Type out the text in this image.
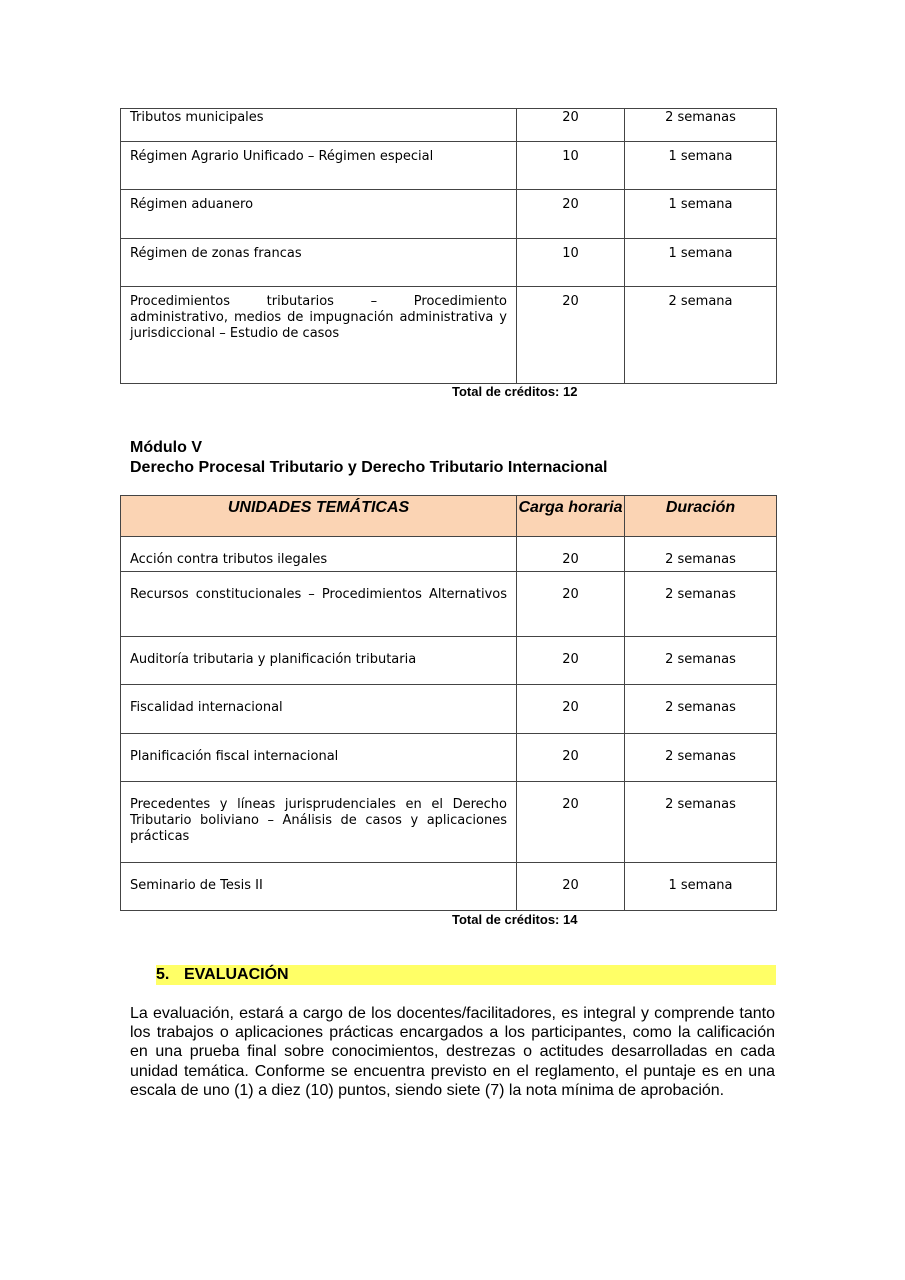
Tributos municipales	20	2 semanas
Régimen Agrario Unificado – Régimen especial	10	1 semana
Régimen aduanero	20	1 semana
Régimen de zonas francas	10	1 semana
Procedimientos tributarios – Procedimiento administrativo, medios de impugnación administrativa y jurisdiccional – Estudio de casos	20	2 semana
Total de créditos: 12
Módulo V
Derecho Procesal Tributario y Derecho Tributario Internacional
UNIDADES TEMÁTICAS	Carga horaria	Duración
Acción contra tributos ilegales	20	2 semanas
Recursos constitucionales – Procedimientos Alternativos	20	2 semanas
Auditoría tributaria y planificación tributaria	20	2 semanas
Fiscalidad internacional	20	2 semanas
Planificación fiscal internacional	20	2 semanas
Precedentes y líneas jurisprudenciales en el Derecho Tributario boliviano – Análisis de casos y aplicaciones prácticas	20	2 semanas
Seminario de Tesis II	20	1 semana
Total de créditos: 14
5. EVALUACIÓN
La evaluación, estará a cargo de los docentes/facilitadores, es integral y comprende tanto los trabajos o aplicaciones prácticas encargados a los participantes, como la calificación en una prueba final sobre conocimientos, destrezas o actitudes desarrolladas en cada unidad temática. Conforme se encuentra previsto en el reglamento, el puntaje es en una escala de uno (1) a diez (10) puntos, siendo siete (7) la nota mínima de aprobación.
